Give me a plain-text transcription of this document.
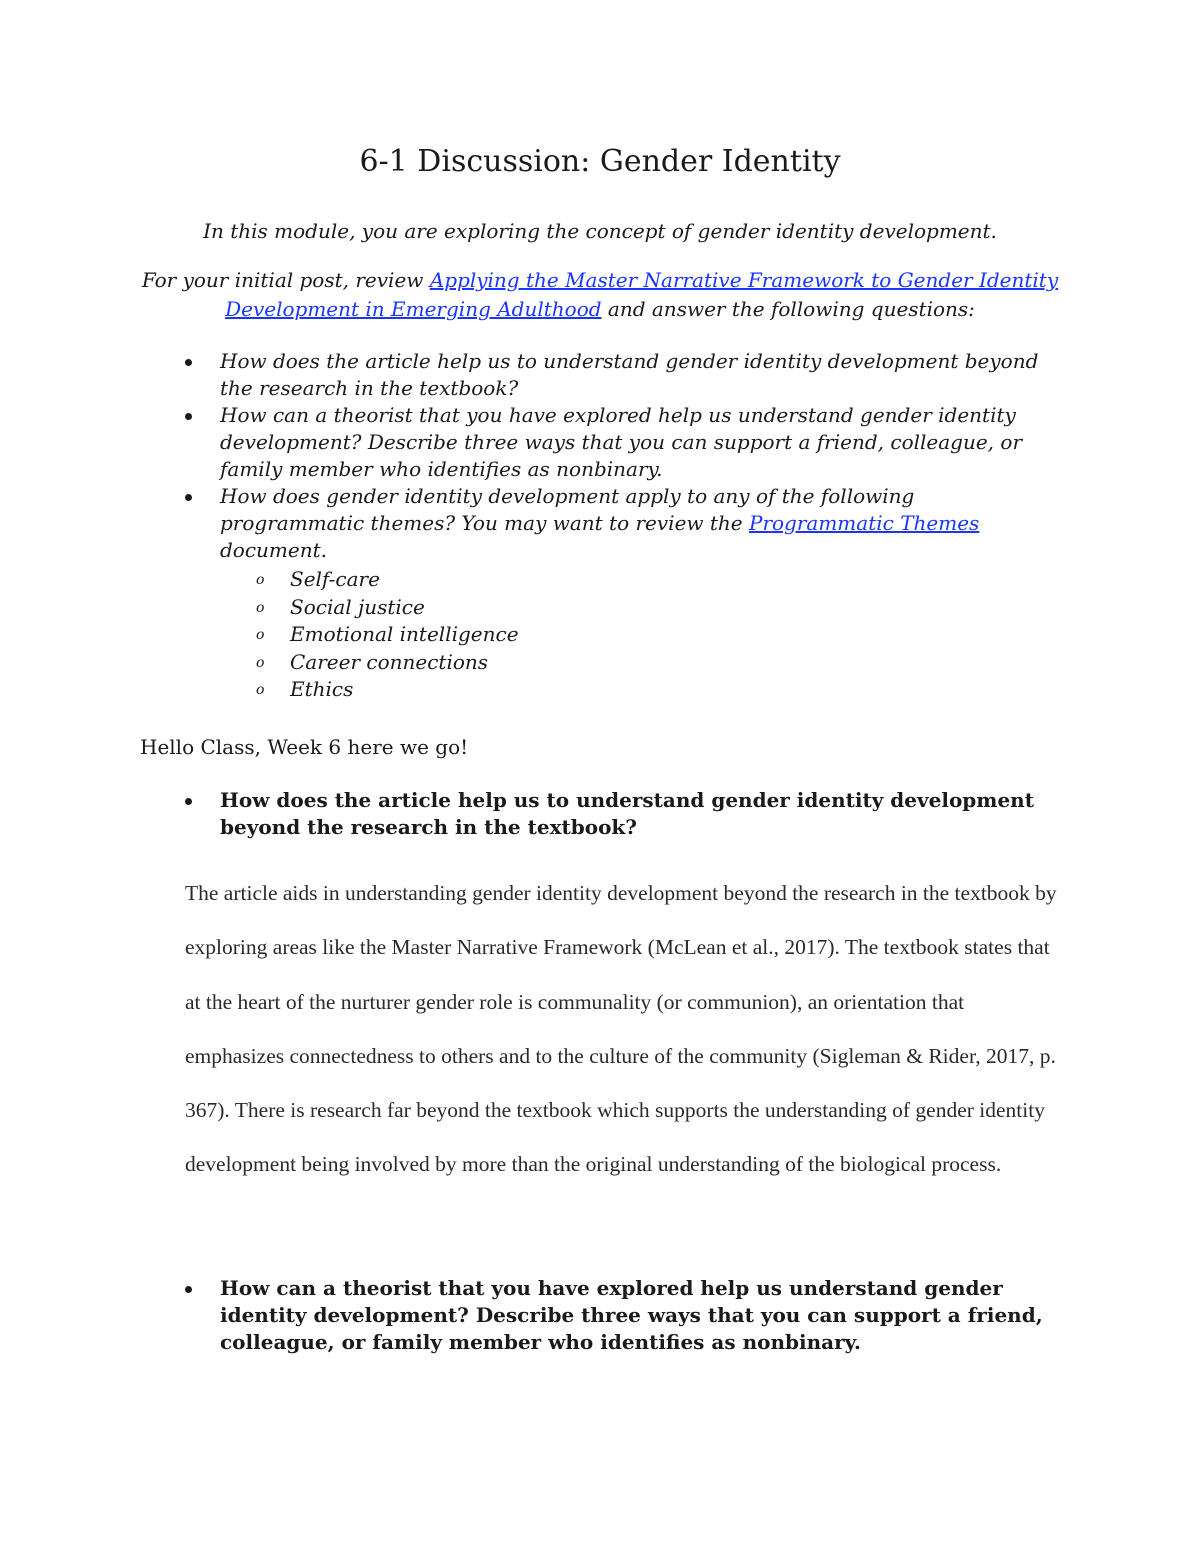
6-1 Discussion: Gender Identity

In this module, you are exploring the concept of gender identity development.

For your initial post, review Applying the Master Narrative Framework to Gender Identity Development in Emerging Adulthood and answer the following questions:

How does the article help us to understand gender identity development beyond the research in the textbook?
How can a theorist that you have explored help us understand gender identity development? Describe three ways that you can support a friend, colleague, or family member who identifies as nonbinary.
How does gender identity development apply to any of the following programmatic themes? You may want to review the Programmatic Themes document.
o Self-care
o Social justice
o Emotional intelligence
o Career connections
o Ethics

Hello Class, Week 6 here we go!

How does the article help us to understand gender identity development beyond the research in the textbook?

The article aids in understanding gender identity development beyond the research in the textbook by exploring areas like the Master Narrative Framework (McLean et al., 2017). The textbook states that at the heart of the nurturer gender role is communality (or communion), an orientation that emphasizes connectedness to others and to the culture of the community (Sigleman & Rider, 2017, p. 367). There is research far beyond the textbook which supports the understanding of gender identity development being involved by more than the original understanding of the biological process.

How can a theorist that you have explored help us understand gender identity development? Describe three ways that you can support a friend, colleague, or family member who identifies as nonbinary.
